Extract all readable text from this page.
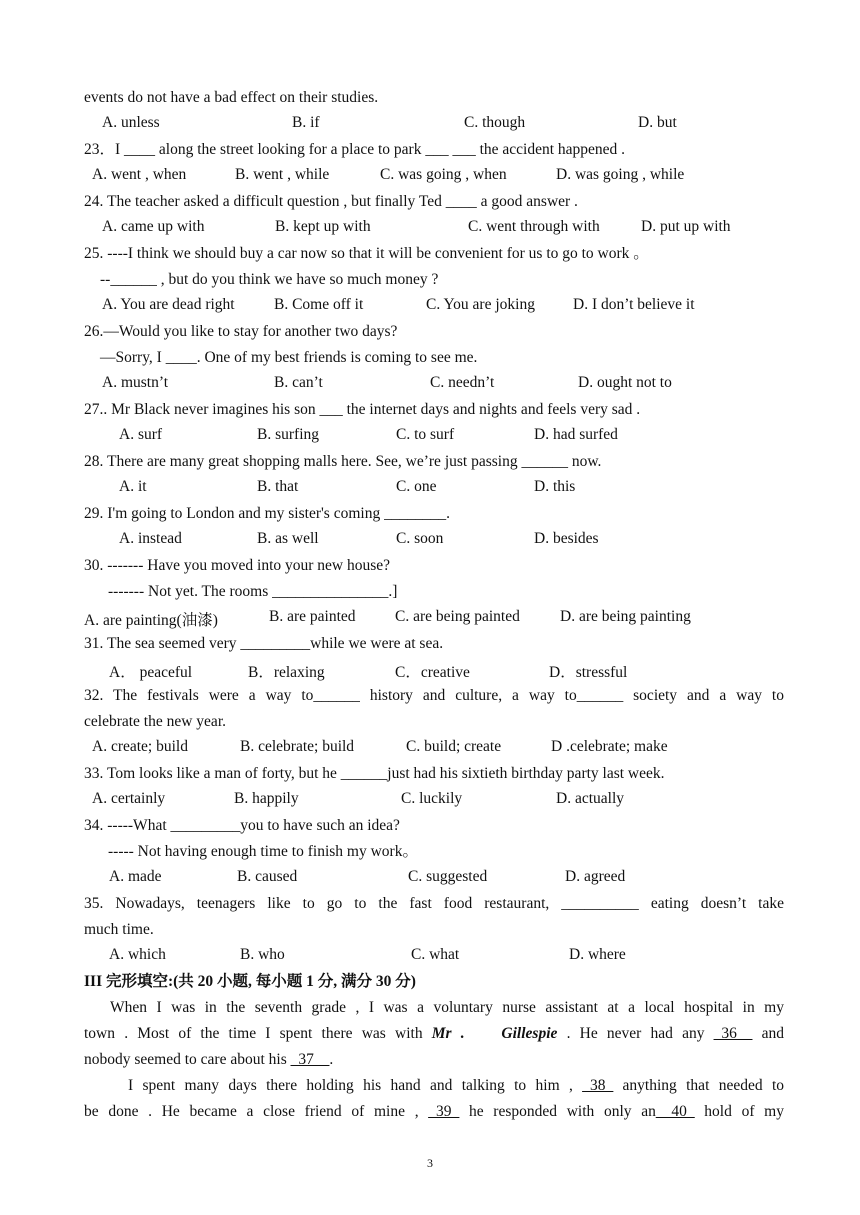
events do not have a bad effect on their studies.
A. unless	B. if	C. though	D. but
23．I ____ along the street looking for a place to park ___ ___ the accident happened .
A. went , when	B. went , while	C. was going , when	D. was going , while
24. The teacher asked a difficult question , but finally Ted ____ a good answer .
A. came up with	B. kept up with	C. went through with	D. put up with
25. ----I think we should buy a car now so that it will be convenient for us to go to work 。
--______ , but do you think we have so much money ?
A. You are dead right	B. Come off it	C. You are joking D. I don’t believe it
26.—Would you like to stay for another two days?
—Sorry, I ____. One of my best friends is coming to see me.
A. mustn’t	B. can’t	C. needn’t	D. ought not to
27.. Mr Black never imagines his son ___ the internet days and nights and feels very sad .
A. surf	B. surfing	C. to surf	D. had surfed
28. There are many great shopping malls here. See, we’re just passing ______ now.
A. it	B. that	C. one	D. this
29. I'm going to London and my sister's coming ________.
A. instead	B. as well	C. soon	D. besides
30. ------- Have you moved into your new house?
------- Not yet. The rooms _______________.]
A. are painting(油漆)	B. are painted	C. are being painted	D. are being painting
31. The sea seemed very _________while we were at sea.
A． peaceful	B．relaxing	C．creative	D．stressful
32. The festivals were a way to______ history and culture, a way to______ society and a way to
celebrate the new year.
A. create; build	B. celebrate; build	C. build; create	D .celebrate; make
33. Tom looks like a man of forty, but he ______just had his sixtieth birthday party last week.
A. certainly	B. happily	C. luckily	D. actually
34. -----What _________you to have such an idea?
----- Not having enough time to finish my work。
A. made	B. caused	C. suggested	D. agreed
35. Nowadays, teenagers like to go to the fast food restaurant, __________ eating doesn’t take
much time.
A. which	B. who	C. what	D. where
III 完形填空:(共 20 小题, 每小题 1 分, 满分 30 分)
When I was in the seventh grade , I was a voluntary nurse assistant at a local hospital in my
town . Most of the time I spent there was with Mr . Gillespie . He never had any _36__ and
nobody seemed to care about his _37__.
I spent many days there holding his hand and talking to him , _38_ anything that needed to
be done . He became a close friend of mine , _39_ he responded with only an__40_ hold of my
3
